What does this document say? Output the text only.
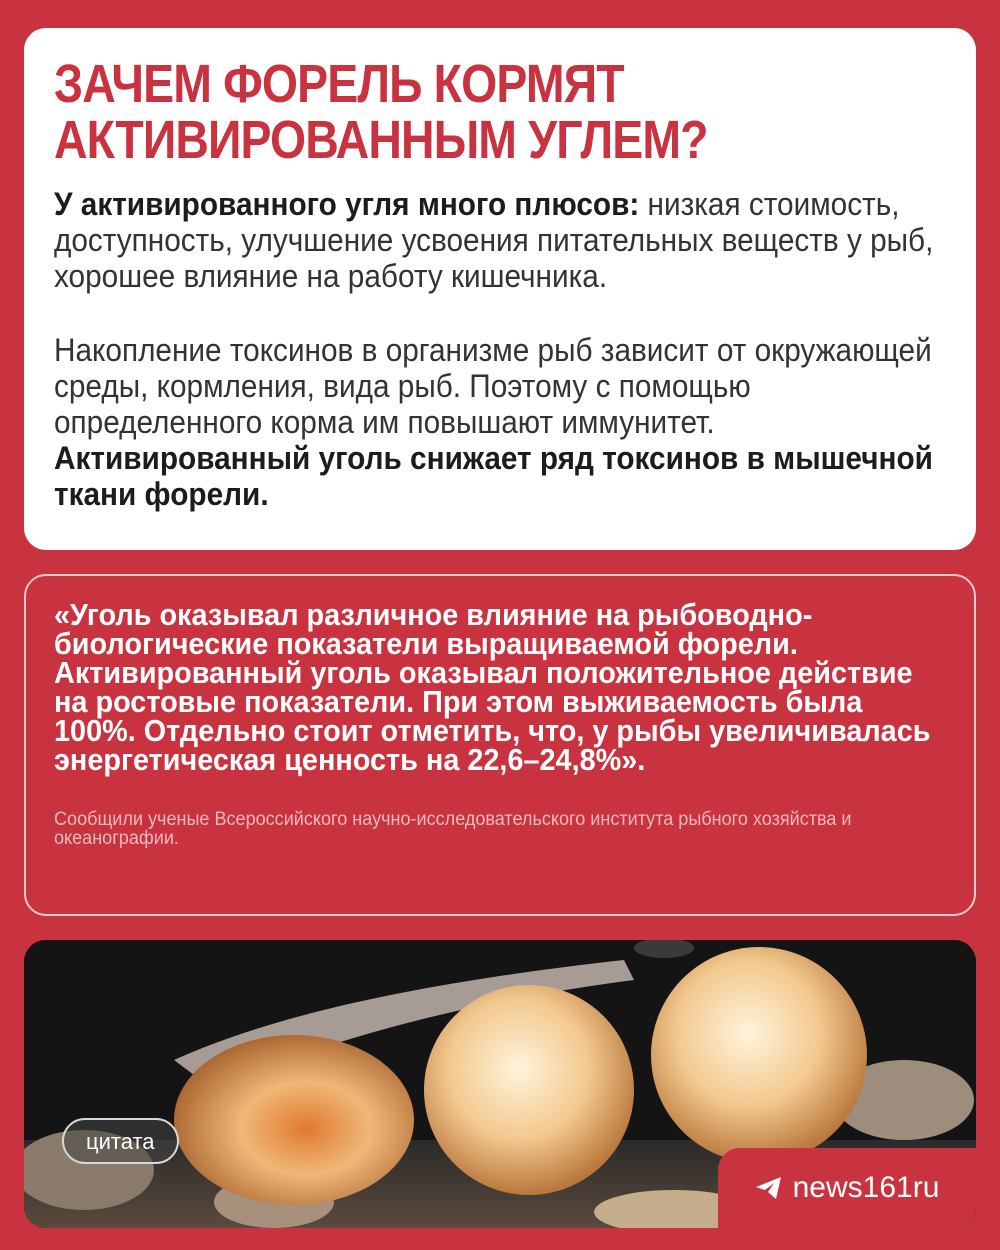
ЗАЧЕМ ФОРЕЛЬ КОРМЯТ АКТИВИРОВАННЫМ УГЛЕМ?

У активированного угля много плюсов: низкая стоимость, доступность, улучшение усвоения питательных веществ у рыб, хорошее влияние на работу кишечника.

Накопление токсинов в организме рыб зависит от окружающей среды, кормления, вида рыб. Поэтому с помощью определенного корма им повышают иммунитет. Активированный уголь снижает ряд токсинов в мышечной ткани форели.

«Уголь оказывал различное влияние на рыбоводно-биологические показатели выращиваемой форели. Активированный уголь оказывал положительное действие на ростовые показатели. При этом выживаемость была 100%. Отдельно стоит отметить, что, у рыбы увеличивалась энергетическая ценность на 22,6–24,8%».

Сообщили ученые Всероссийского научно-исследовательского института рыбного хозяйства и океанографии.

цитата
news161ru
